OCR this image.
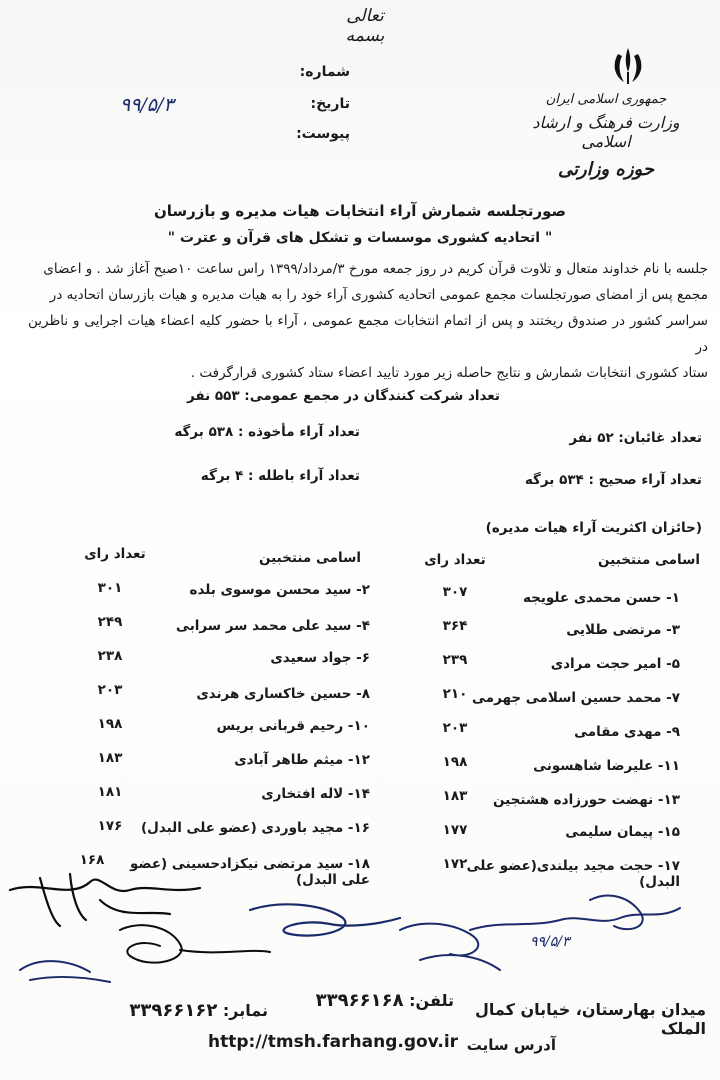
تعالی
بسمه
جمهوری اسلامی ایران
وزارت فرهنگ و ارشاد اسلامی
حوزه وزارتی
شماره:
تاریخ:
۹۹/۵/۳
پیوست:
صورتجلسه شمارش آراء انتخابات هیات مدیره و بازرسان
" اتحادیه کشوری موسسات و تشکل های قرآن و عترت "
جلسه با نام خداوند متعال و تلاوت قرآن کریم در روز جمعه مورخ ۳/مرداد/۱۳۹۹ راس ساعت ۱۰صبح آغاز شد . و اعضای
مجمع پس از امضای صورتجلسات مجمع عمومی اتحادیه کشوری آراء خود را به هیات مدیره و هیات بازرسان اتحادیه در
سراسر کشور در صندوق ریختند و پس از اتمام انتخابات مجمع عمومی ، آراء با حضور کلیه اعضاء هیات اجرایی و ناظرین در
ستاد کشوری انتخابات شمارش و نتایج حاصله زیر مورد تایید اعضاء ستاد کشوری قرارگرفت .
تعداد شرکت کنندگان در مجمع عمومی: ۵۵۳ نفر
تعداد غائبان: ۵۲ نفر
تعداد آراء مأخوذه : ۵۳۸ برگه
تعداد آراء صحیح : ۵۳۴ برگه
تعداد آراء باطله : ۴ برگه
(حائزان اکثریت آراء هیات مدیره)
اسامی منتخبین
تعداد رای
اسامی منتخبین
تعداد رای
۱- حسن محمدی علویجه
۳۰۷
۳- مرتضی طلایی
۳۶۴
۵- امیر حجت مرادی
۲۳۹
۷- محمد حسین اسلامی جهرمی
۲۱۰
۹- مهدی مقامی
۲۰۳
۱۱- علیرضا شاهسونی
۱۹۸
۱۳- نهضت حورزاده هشتجین
۱۸۳
۱۵- پیمان سلیمی
۱۷۷
۱۷- حجت مجید بیلندی(عضو علی البدل)
۱۷۲
۲- سید محسن موسوی بلده
۳۰۱
۴- سید علی محمد سر سرابی
۲۴۹
۶- جواد سعیدی
۲۳۸
۸- حسین خاکساری هرندی
۲۰۳
۱۰- رحیم قربانی بریس
۱۹۸
۱۲- میثم طاهر آبادی
۱۸۳
۱۴- لاله افتخاری
۱۸۱
۱۶- مجید باوردی (عضو علی البدل)
۱۷۶
۱۸- سید مرتضی نیکزادحسینی (عضو علی البدل)
۱۶۸
۹۹/۵/۳
میدان بهارستان، خیابان کمال الملک
تلفن: ۳۳۹۶۶۱۶۸
نمابر: ۳۳۹۶۶۱۶۲
http://tmsh.farhang.gov.ir آدرس سایت
